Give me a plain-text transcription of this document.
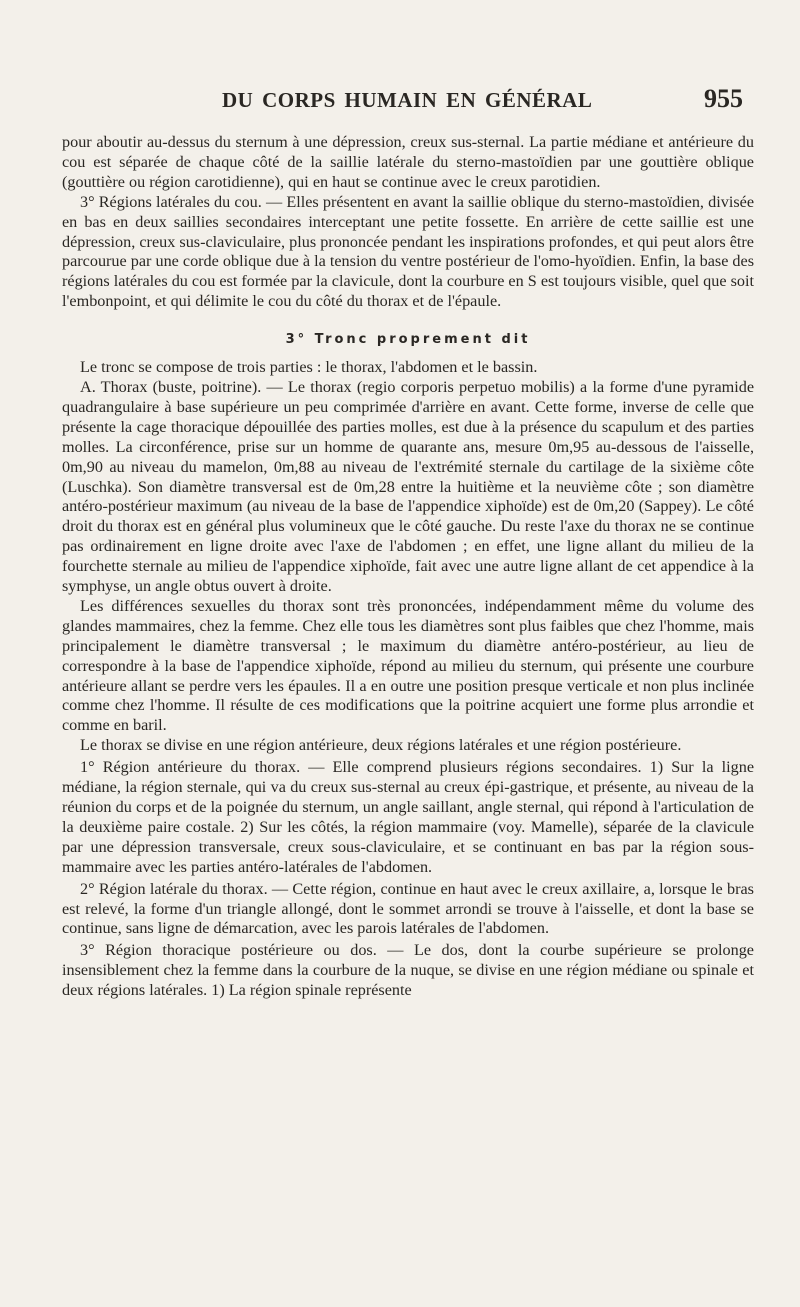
DU CORPS HUMAIN EN GÉNÉRAL	955

pour aboutir au-dessus du sternum à une dépression, creux sus-sternal. La partie médiane et antérieure du cou est séparée de chaque côté de la saillie latérale du sterno-mastoïdien par une gouttière oblique (gouttière ou région carotidienne), qui en haut se continue avec le creux parotidien.

3° Régions latérales du cou. — Elles présentent en avant la saillie oblique du sterno-mastoïdien, divisée en bas en deux saillies secondaires interceptant une petite fossette. En arrière de cette saillie est une dépression, creux sus-claviculaire, plus prononcée pendant les inspirations profondes, et qui peut alors être parcourue par une corde oblique due à la tension du ventre postérieur de l'omo-hyoïdien. Enfin, la base des régions latérales du cou est formée par la clavicule, dont la courbure en S est toujours visible, quel que soit l'embonpoint, et qui délimite le cou du côté du thorax et de l'épaule.

3° Tronc proprement dit

Le tronc se compose de trois parties : le thorax, l'abdomen et le bassin.

A. Thorax (buste, poitrine). — Le thorax (regio corporis perpetuo mobilis) a la forme d'une pyramide quadrangulaire à base supérieure un peu comprimée d'arrière en avant. Cette forme, inverse de celle que présente la cage thoracique dépouillée des parties molles, est due à la présence du scapulum et des parties molles. La circonférence, prise sur un homme de quarante ans, mesure 0m,95 au-dessous de l'aisselle, 0m,90 au niveau du mamelon, 0m,88 au niveau de l'extrémité sternale du cartilage de la sixième côte (Luschka). Son diamètre transversal est de 0m,28 entre la huitième et la neuvième côte ; son diamètre antéro-postérieur maximum (au niveau de la base de l'appendice xiphoïde) est de 0m,20 (Sappey). Le côté droit du thorax est en général plus volumineux que le côté gauche. Du reste l'axe du thorax ne se continue pas ordinairement en ligne droite avec l'axe de l'abdomen ; en effet, une ligne allant du milieu de la fourchette sternale au milieu de l'appendice xiphoïde, fait avec une autre ligne allant de cet appendice à la symphyse, un angle obtus ouvert à droite.

Les différences sexuelles du thorax sont très prononcées, indépendamment même du volume des glandes mammaires, chez la femme. Chez elle tous les diamètres sont plus faibles que chez l'homme, mais principalement le diamètre transversal ; le maximum du diamètre antéro-postérieur, au lieu de correspondre à la base de l'appendice xiphoïde, répond au milieu du sternum, qui présente une courbure antérieure allant se perdre vers les épaules. Il a en outre une position presque verticale et non plus inclinée comme chez l'homme. Il résulte de ces modifications que la poitrine acquiert une forme plus arrondie et comme en baril.

Le thorax se divise en une région antérieure, deux régions latérales et une région postérieure.

1° Région antérieure du thorax. — Elle comprend plusieurs régions secondaires. 1) Sur la ligne médiane, la région sternale, qui va du creux sus-sternal au creux épi-gastrique, et présente, au niveau de la réunion du corps et de la poignée du sternum, un angle saillant, angle sternal, qui répond à l'articulation de la deuxième paire costale. 2) Sur les côtés, la région mammaire (voy. Mamelle), séparée de la clavicule par une dépression transversale, creux sous-claviculaire, et se continuant en bas par la région sous-mammaire avec les parties antéro-latérales de l'abdomen.

2° Région latérale du thorax. — Cette région, continue en haut avec le creux axillaire, a, lorsque le bras est relevé, la forme d'un triangle allongé, dont le sommet arrondi se trouve à l'aisselle, et dont la base se continue, sans ligne de démarcation, avec les parois latérales de l'abdomen.

3° Région thoracique postérieure ou dos. — Le dos, dont la courbe supérieure se prolonge insensiblement chez la femme dans la courbure de la nuque, se divise en une région médiane ou spinale et deux régions latérales. 1) La région spinale représente
